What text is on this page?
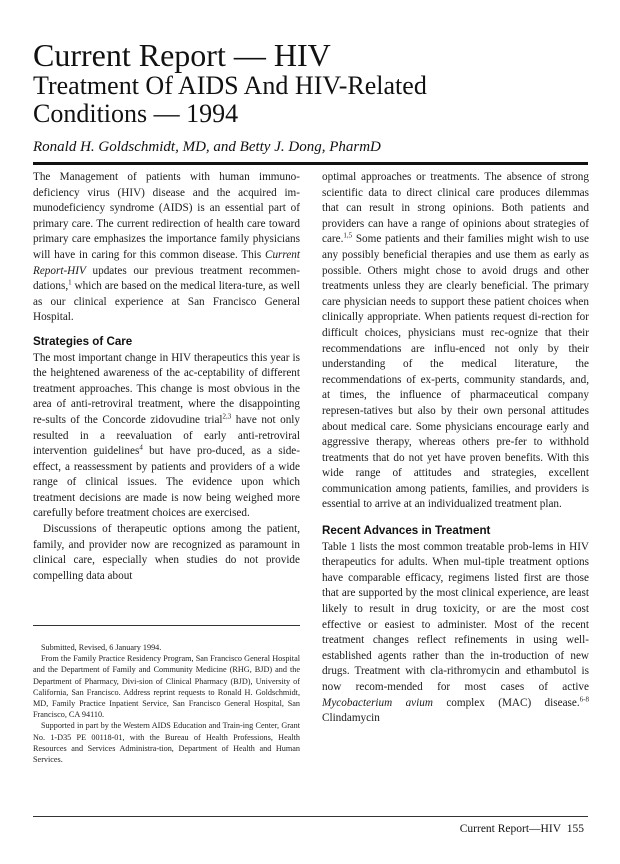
Current Report — HIV
Treatment Of AIDS And HIV-Related
Conditions — 1994
Ronald H. Goldschmidt, MD, and Betty J. Dong, PharmD

The Management of patients with human immuno-deficiency virus (HIV) disease and the acquired im-munodeficiency syndrome (AIDS) is an essential part of primary care. The current redirection of health care toward primary care emphasizes the importance family physicians will have in caring for this common disease. This Current Report-HIV updates our previous treatment recommen-dations,$^1$ which are based on the medical litera-ture, as well as our clinical experience at San Francisco General Hospital.

Strategies of Care

The most important change in HIV therapeutics this year is the heightened awareness of the ac-ceptability of different treatment approaches. This change is most obvious in the area of anti-retroviral treatment, where the disappointing re-sults of the Concorde zidovudine trial$^{2,3}$ have not only resulted in a reevaluation of early anti-retroviral intervention guidelines$^4$ but have pro-duced, as a side-effect, a reassessment by patients and providers of a wide range of clinical issues. The evidence upon which treatment decisions are made is now being weighed more carefully before treatment choices are exercised.

Discussions of therapeutic options among the patient, family, and provider now are recognized as paramount in clinical care, especially when studies do not provide compelling data about

Submitted, Revised, 6 January 1994.

From the Family Practice Residency Program, San Francisco General Hospital and the Department of Family and Community Medicine (RHG, BJD) and the Department of Pharmacy, Divi-sion of Clinical Pharmacy (BJD), University of California, San Francisco. Address reprint requests to Ronald H. Goldschmidt, MD, Family Practice Inpatient Service, San Francisco General Hospital, San Francisco, CA 94110.

Supported in part by the Western AIDS Education and Train-ing Center, Grant No. 1-D35 PE 00118-01, with the Bureau of Health Professions, Health Resources and Services Administra-tion, Department of Health and Human Services.

optimal approaches or treatments. The absence of strong scientific data to direct clinical care produces dilemmas that can result in strong opinions. Both patients and providers can have a range of opinions about strategies of care.$^{1,5}$ Some patients and their families might wish to use any possibly beneficial therapies and use them as early as possible. Others might chose to avoid drugs and other treatments unless they are clearly beneficial. The primary care physician needs to support these patient choices when clinically appropriate. When patients request di-rection for difficult choices, physicians must rec-ognize that their recommendations are influ-enced not only by their understanding of the medical literature, the recommendations of ex-perts, community standards, and, at times, the influence of pharmaceutical company represen-tatives but also by their own personal attitudes about medical care. Some physicians encourage early and aggressive therapy, whereas others pre-fer to withhold treatments that do not yet have proven benefits. With this wide range of attitudes and strategies, excellent communication among patients, families, and providers is essential to arrive at an individualized treatment plan.

Recent Advances in Treatment

Table 1 lists the most common treatable prob-lems in HIV therapeutics for adults. When mul-tiple treatment options have comparable efficacy, regimens listed first are those that are supported by the most clinical experience, are least likely to result in drug toxicity, or are the most cost effective or easiest to administer. Most of the recent treatment changes reflect refinements in using well-established agents rather than the in-troduction of new drugs. Treatment with cla-rithromycin and ethambutol is now recom-mended for most cases of active Mycobacterium avium complex (MAC) disease.$^{6-8}$ Clindamycin

Current Report—HIV 155
